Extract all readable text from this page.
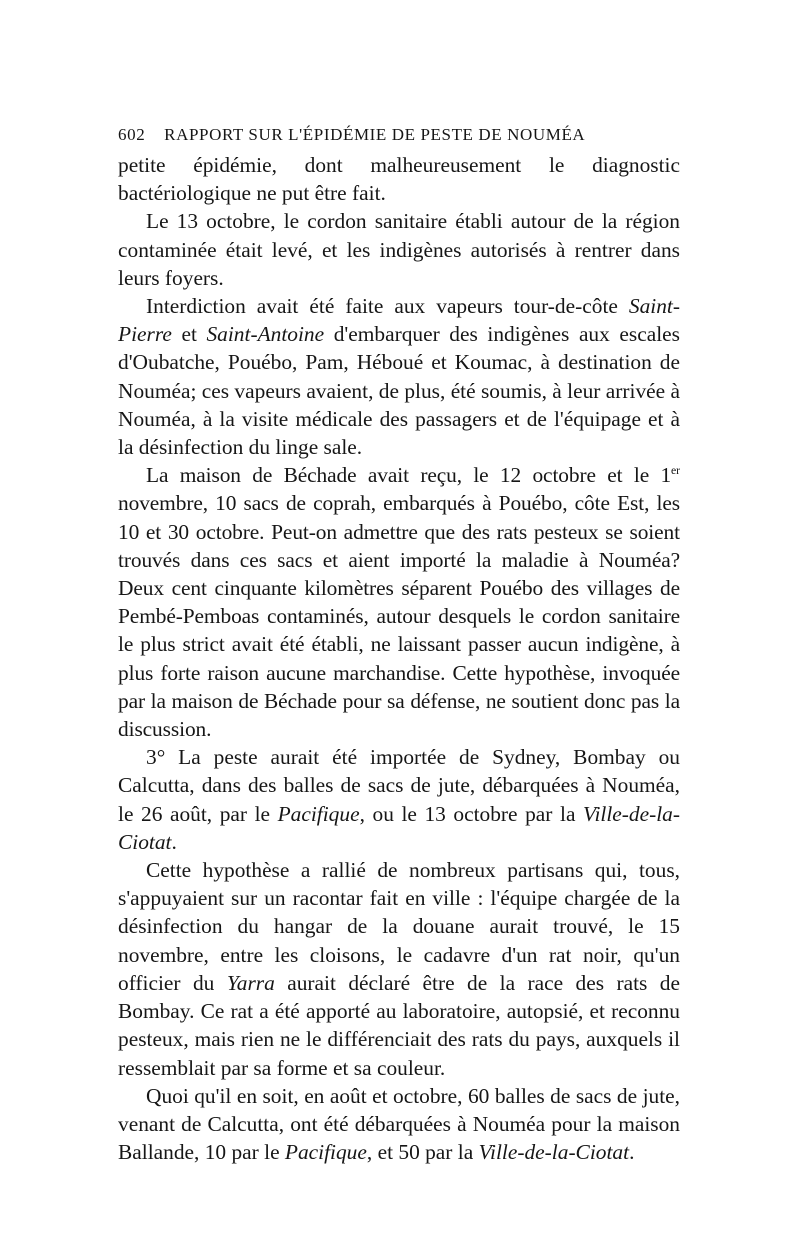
602 RAPPORT SUR L'ÉPIDÉMIE DE PESTE DE NOUMÉA

petite épidémie, dont malheureusement le diagnostic bactériologique ne put être fait.

Le 13 octobre, le cordon sanitaire établi autour de la région contaminée était levé, et les indigènes autorisés à rentrer dans leurs foyers.

Interdiction avait été faite aux vapeurs tour-de-côte Saint-Pierre et Saint-Antoine d'embarquer des indigènes aux escales d'Oubatche, Pouébo, Pam, Héboué et Koumac, à destination de Nouméa; ces vapeurs avaient, de plus, été soumis, à leur arrivée à Nouméa, à la visite médicale des passagers et de l'équipage et à la désinfection du linge sale.

La maison de Béchade avait reçu, le 12 octobre et le 1er novembre, 10 sacs de coprah, embarqués à Pouébo, côte Est, les 10 et 30 octobre. Peut-on admettre que des rats pesteux se soient trouvés dans ces sacs et aient importé la maladie à Nouméa? Deux cent cinquante kilomètres séparent Pouébo des villages de Pembé-Pemboas contaminés, autour desquels le cordon sanitaire le plus strict avait été établi, ne laissant passer aucun indigène, à plus forte raison aucune marchandise. Cette hypothèse, invoquée par la maison de Béchade pour sa défense, ne soutient donc pas la discussion.

3° La peste aurait été importée de Sydney, Bombay ou Calcutta, dans des balles de sacs de jute, débarquées à Nouméa, le 26 août, par le Pacifique, ou le 13 octobre par la Ville-de-la-Ciotat.

Cette hypothèse a rallié de nombreux partisans qui, tous, s'appuyaient sur un racontar fait en ville : l'équipe chargée de la désinfection du hangar de la douane aurait trouvé, le 15 novembre, entre les cloisons, le cadavre d'un rat noir, qu'un officier du Yarra aurait déclaré être de la race des rats de Bombay. Ce rat a été apporté au laboratoire, autopsié, et reconnu pesteux, mais rien ne le différenciait des rats du pays, auxquels il ressemblait par sa forme et sa couleur.

Quoi qu'il en soit, en août et octobre, 60 balles de sacs de jute, venant de Calcutta, ont été débarquées à Nouméa pour la maison Ballande, 10 par le Pacifique, et 50 par la Ville-de-la-Ciotat.
